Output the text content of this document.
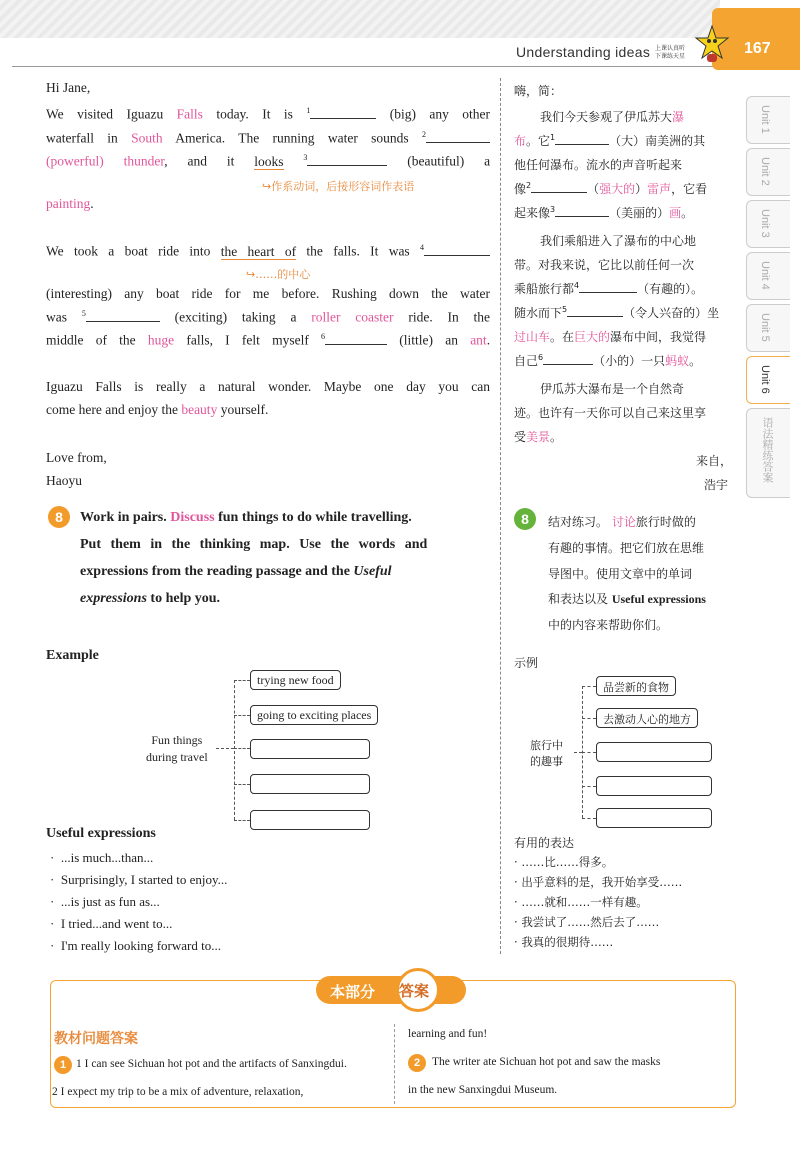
Understanding ideas 上课认真听
下课练天星	167
Unit 1
Unit 2
Unit 3
Unit 4
Unit 5
Unit 6
语法精练答案
Hi Jane,
We visited Iguazu Falls today. It is $^1$	(big) any other
waterfall in South America. The running water sounds $^2$
(powerful) thunder, and it looks $^3$	(beautiful) a
↪作系动词，后接形容词作表语
painting.
We took a boat ride into the heart of the falls. It was $^4$
↪……的中心
(interesting) any boat ride for me before. Rushing down the water
was $^5$	(exciting) taking a roller coaster ride. In the
middle of the huge falls, I felt myself $^6$	(little) an ant.
Iguazu Falls is really a natural wonder. Maybe one day you can
come here and enjoy the beauty yourself.
Love from,
Haoyu
嗨，简：
我们今天参观了伊瓜苏大瀑
布。它$^1$	（大）南美洲的其
他任何瀑布。流水的声音听起来
像$^2$	（强大的）雷声，它看
起来像$^3$	（美丽的）画。
我们乘船进入了瀑布的中心地
带。对我来说，它比以前任何一次
乘船旅行都$^4$	（有趣的）。
随水而下$^5$	（令人兴奋的）坐
过山车。在巨大的瀑布中间，我觉得
自己$^6$	（小的）一只蚂蚁。
伊瓜苏大瀑布是一个自然奇
迹。也许有一天你可以自己来这里享
受美景。
来自，
浩宇
8	Work in pairs. Discuss fun things to do while travelling.
Put them in the thinking map. Use the words and
expressions from the reading passage and the Useful
expressions to help you.
8	结对练习。 讨论旅行时做的
有趣的事情。把它们放在思维
导图中。使用文章中的单词
和表达以及 Useful expressions
中的内容来帮助你们。
Example
Fun things
during travel
trying new food
going to exciting places
示例
旅行中
的趣事
品尝新的食物
去激动人心的地方
Useful expressions
·  ...is much...than...
·  Surprisingly, I started to enjoy...
·  ...is just as fun as...
·  I tried...and went to...
·  I'm really looking forward to...
有用的表达
· ……比……得多。
· 出乎意料的是，我开始享受……
· ……就和……一样有趣。
· 我尝试了……然后去了……
· 我真的很期待……
本部分 答案
教材问题答案
1 1 I can see Sichuan hot pot and the artifacts of Sanxingdui.
2 I expect my trip to be a mix of adventure, relaxation,
learning and fun!
2	The writer ate Sichuan hot pot and saw the masks
in the new Sanxingdui Museum.
